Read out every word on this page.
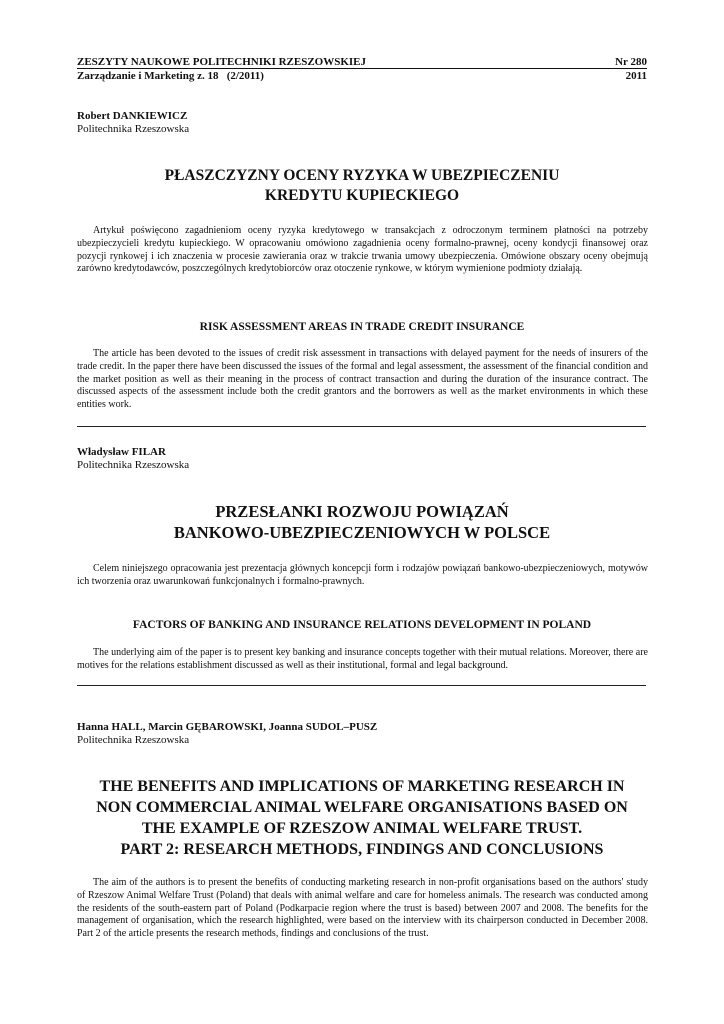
ZESZYTY NAUKOWE POLITECHNIKI RZESZOWSKIEJ	Nr 280
Zarządzanie i Marketing z. 18   (2/2011)	2011
Robert DANKIEWICZ
Politechnika Rzeszowska
PŁASZCZYZNY OCENY RYZYKA W UBEZPIECZENIU
KREDYTU KUPIECKIEGO

Artykuł poświęcono zagadnieniom oceny ryzyka kredytowego w transakcjach z odroczonym terminem płatności na potrzeby ubezpieczycieli kredytu kupieckiego. W opracowaniu omówiono zagadnienia oceny formalno-prawnej, oceny kondycji finansowej oraz pozycji rynkowej i ich znaczenia w procesie zawierania oraz w trakcie trwania umowy ubezpieczenia. Omówione obszary oceny obejmują zarówno kredytodawców, poszczególnych kredytobiorców oraz otoczenie rynkowe, w którym wymienione podmioty działają.

RISK ASSESSMENT AREAS IN TRADE CREDIT INSURANCE

The article has been devoted to the issues of credit risk assessment in transactions with delayed payment for the needs of insurers of the trade credit. In the paper there have been discussed the issues of the formal and legal assessment, the assessment of the financial condition and the market position as well as their meaning in the process of contract transaction and during the duration of the insurance contract. The discussed aspects of the assessment include both the credit grantors and the borrowers as well as the market environments in which these entities work.

Władysław FILAR
Politechnika Rzeszowska
PRZESŁANKI ROZWOJU POWIĄZAŃ
BANKOWO-UBEZPIECZENIOWYCH W POLSCE

Celem niniejszego opracowania jest prezentacja głównych koncepcji form i rodzajów powiązań bankowo-ubezpieczeniowych, motywów ich tworzenia oraz uwarunkowań funkcjonalnych i formalno-prawnych.

FACTORS OF BANKING AND INSURANCE RELATIONS DEVELOPMENT IN POLAND

The underlying aim of the paper is to present key banking and insurance concepts together with their mutual relations. Moreover, there are motives for the relations establishment discussed as well as their institutional, formal and legal background.

Hanna HALL, Marcin GĘBAROWSKI, Joanna SUDOL–PUSZ
Politechnika Rzeszowska
THE BENEFITS AND IMPLICATIONS OF MARKETING RESEARCH IN
NON COMMERCIAL ANIMAL WELFARE ORGANISATIONS BASED ON
THE EXAMPLE OF RZESZOW ANIMAL WELFARE TRUST.
PART 2: RESEARCH METHODS, FINDINGS AND CONCLUSIONS

The aim of the authors is to present the benefits of conducting marketing research in non-profit organisations based on the authors' study of Rzeszow Animal Welfare Trust (Poland) that deals with animal welfare and care for homeless animals. The research was conducted among the residents of the south-eastern part of Poland (Podkarpacie region where the trust is based) between 2007 and 2008. The benefits for the management of organisation, which the research highlighted, were based on the interview with its chairperson conducted in December 2008. Part 2 of the article presents the research methods, findings and conclusions of the trust.
